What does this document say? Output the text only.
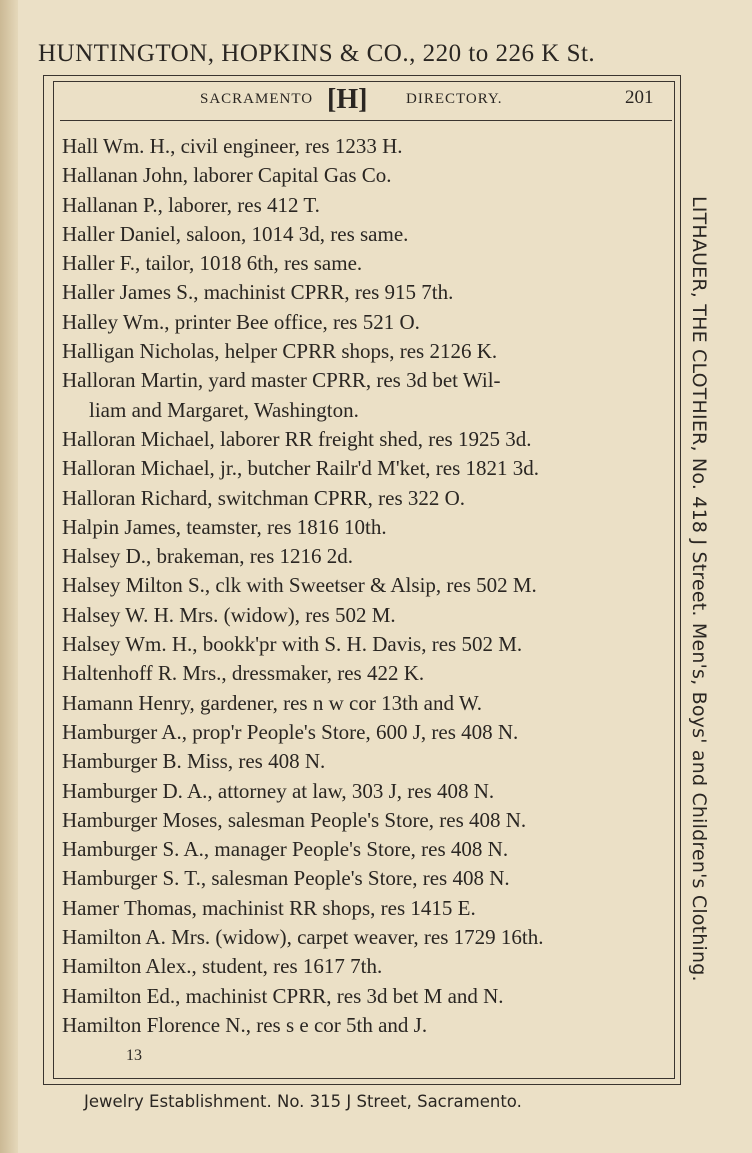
HUNTINGTON, HOPKINS & CO., 220 to 226 K St.
SACRAMENTO [H]	DIRECTORY.	201
Hall Wm. H., civil engineer, res 1233 H.
Hallanan John, laborer Capital Gas Co.
Hallanan P., laborer, res 412 T.
Haller Daniel, saloon, 1014 3d, res same.
Haller F., tailor, 1018 6th, res same.
Haller James S., machinist CPRR, res 915 7th.
Halley Wm., printer Bee office, res 521 O.
Halligan Nicholas, helper CPRR shops, res 2126 K.
Halloran Martin, yard master CPRR, res 3d bet Wil-
liam and Margaret, Washington.
Halloran Michael, laborer RR freight shed, res 1925 3d.
Halloran Michael, jr., butcher Railr'd M'ket, res 1821 3d.
Halloran Richard, switchman CPRR, res 322 O.
Halpin James, teamster, res 1816 10th.
Halsey D., brakeman, res 1216 2d.
Halsey Milton S., clk with Sweetser & Alsip, res 502 M.
Halsey W. H. Mrs. (widow), res 502 M.
Halsey Wm. H., bookk'pr with S. H. Davis, res 502 M.
Haltenhoff R. Mrs., dressmaker, res 422 K.
Hamann Henry, gardener, res n w cor 13th and W.
Hamburger A., prop'r People's Store, 600 J, res 408 N.
Hamburger B. Miss, res 408 N.
Hamburger D. A., attorney at law, 303 J, res 408 N.
Hamburger Moses, salesman People's Store, res 408 N.
Hamburger S. A., manager People's Store, res 408 N.
Hamburger S. T., salesman People's Store, res 408 N.
Hamer Thomas, machinist RR shops, res 1415 E.
Hamilton A. Mrs. (widow), carpet weaver, res 1729 16th.
Hamilton Alex., student, res 1617 7th.
Hamilton Ed., machinist CPRR, res 3d bet M and N.
Hamilton Florence N., res s e cor 5th and J.
13
LITHAUER, THE CLOTHIER, No. 418 J Street. Men's, Boys' and Children's Clothing.
Jewelry Establishment. No. 315 J Street, Sacramento.
